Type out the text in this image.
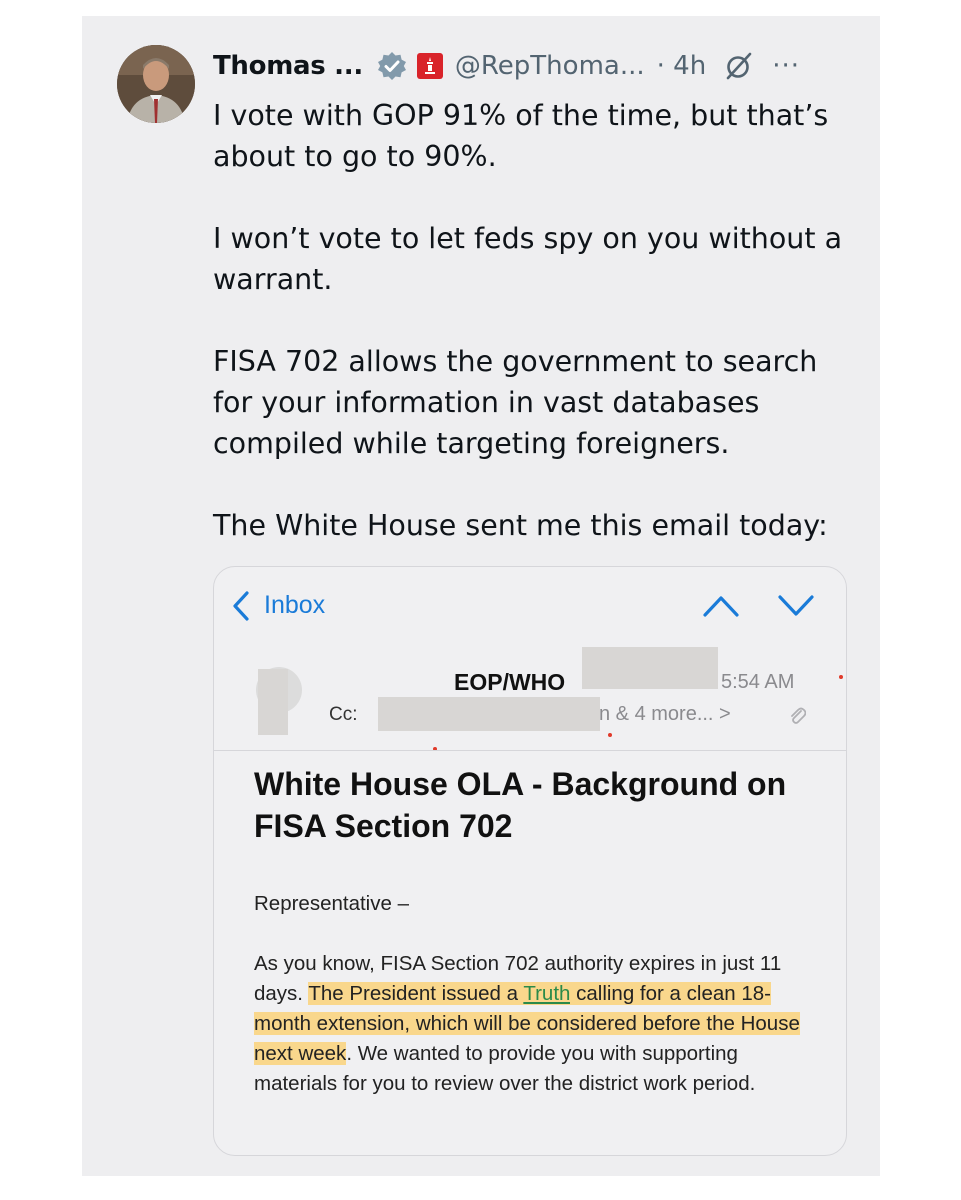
Thomas ...	@RepThoma... · 4h	···

I vote with GOP 91% of the time, but that’s about to go to 90%.

I won’t vote to let feds spy on you without a warrant.

FISA 702 allows the government to search for your information in vast databases compiled while targeting foreigners.

The White House sent me this email today:

Inbox
EOP/WHO	5:54 AM
Cc:	n & 4 more... >
White House OLA - Background on FISA Section 702
Representative –
As you know, FISA Section 702 authority expires in just 11 days. The President issued a Truth calling for a clean 18-month extension, which will be considered before the House next week. We wanted to provide you with supporting materials for you to review over the district work period.
